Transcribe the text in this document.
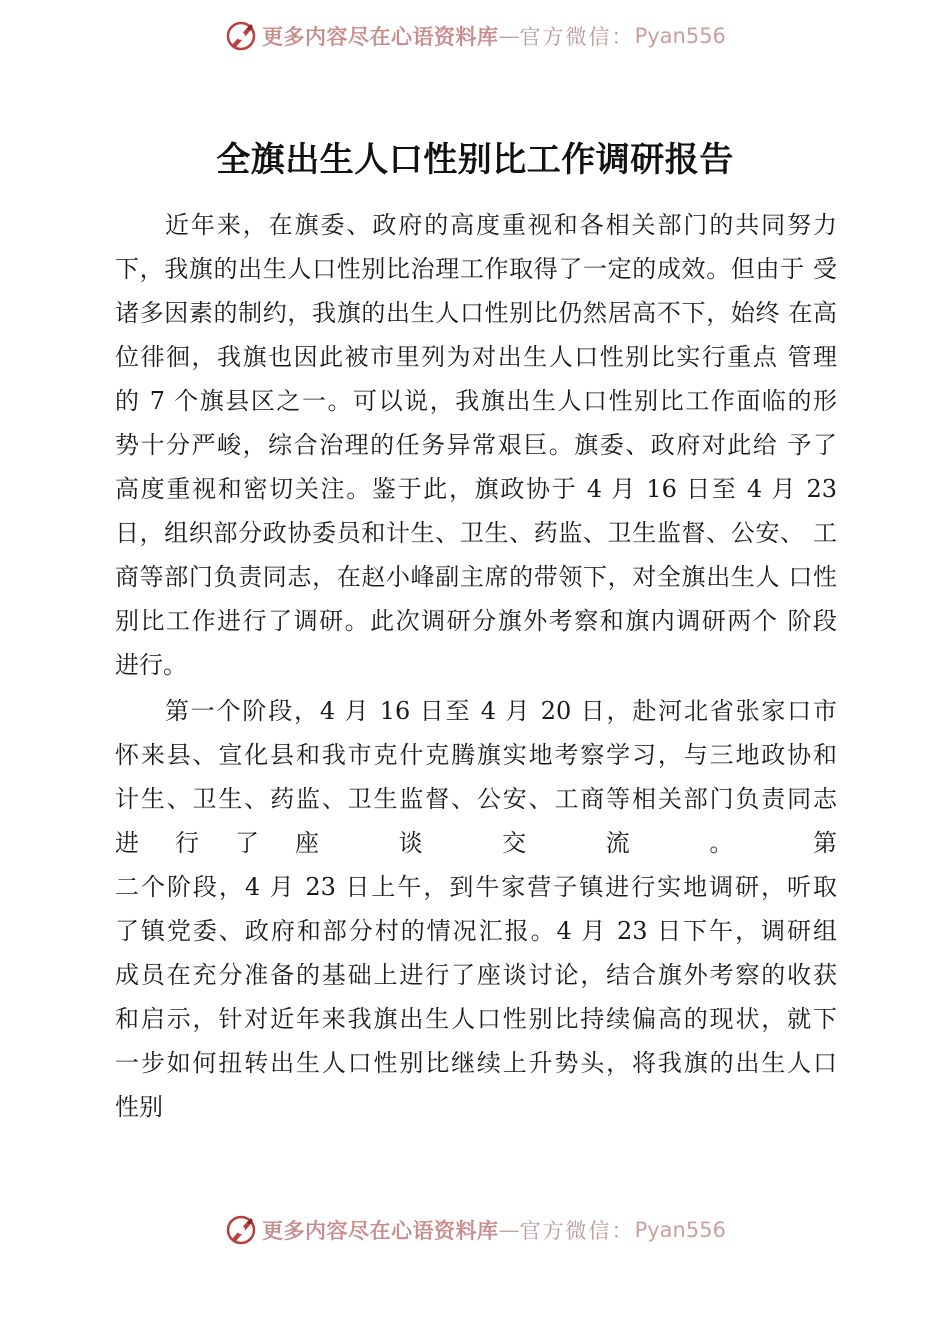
更多内容尽在心语资料库 — 官方微信： Pyan556
全旗出生人口性别比工作调研报告
近年来，在旗委、政府的高度重视和各相关部门的共同努力
下，我旗的出生人口性别比治理工作取得了一定的成效。但由于 受
诸多因素的制约，我旗的出生人口性别比仍然居高不下，始终 在高
位徘徊，我旗也因此被市里列为对出生人口性别比实行重点 管理
的 7 个旗县区之一。可以说，我旗出生人口性别比工作面临的形
势十分严峻，综合治理的任务异常艰巨。旗委、政府对此给 予了
高度重视和密切关注。鉴于此，旗政协于 4 月 16 日至 4 月 23
日，组织部分政协委员和计生、卫生、药监、卫生监督、公安、 工
商等部门负责同志，在赵小峰副主席的带领下，对全旗出生人 口性
别比工作进行了调研。此次调研分旗外考察和旗内调研两个 阶段
进行。
第一个阶段，4 月 16 日至 4 月 20 日，赴河北省张家口市
怀来县、宣化县和我市克什克腾旗实地考察学习，与三地政协和
计生、卫生、药监、卫生监督、公安、工商等相关部门负责同志
进行了座 谈 交 流 。 第
二个阶段，4 月 23 日上午，到牛家营子镇进行实地调研，听取
了镇党委、政府和部分村的情况汇报。4 月 23 日下午，调研组
成员在充分准备的基础上进行了座谈讨论，结合旗外考察的收获
和启示，针对近年来我旗出生人口性别比持续偏高的现状，就下
一步如何扭转出生人口性别比继续上升势头，将我旗的出生人口
性别
更多内容尽在心语资料库 — 官方微信： Pyan556
